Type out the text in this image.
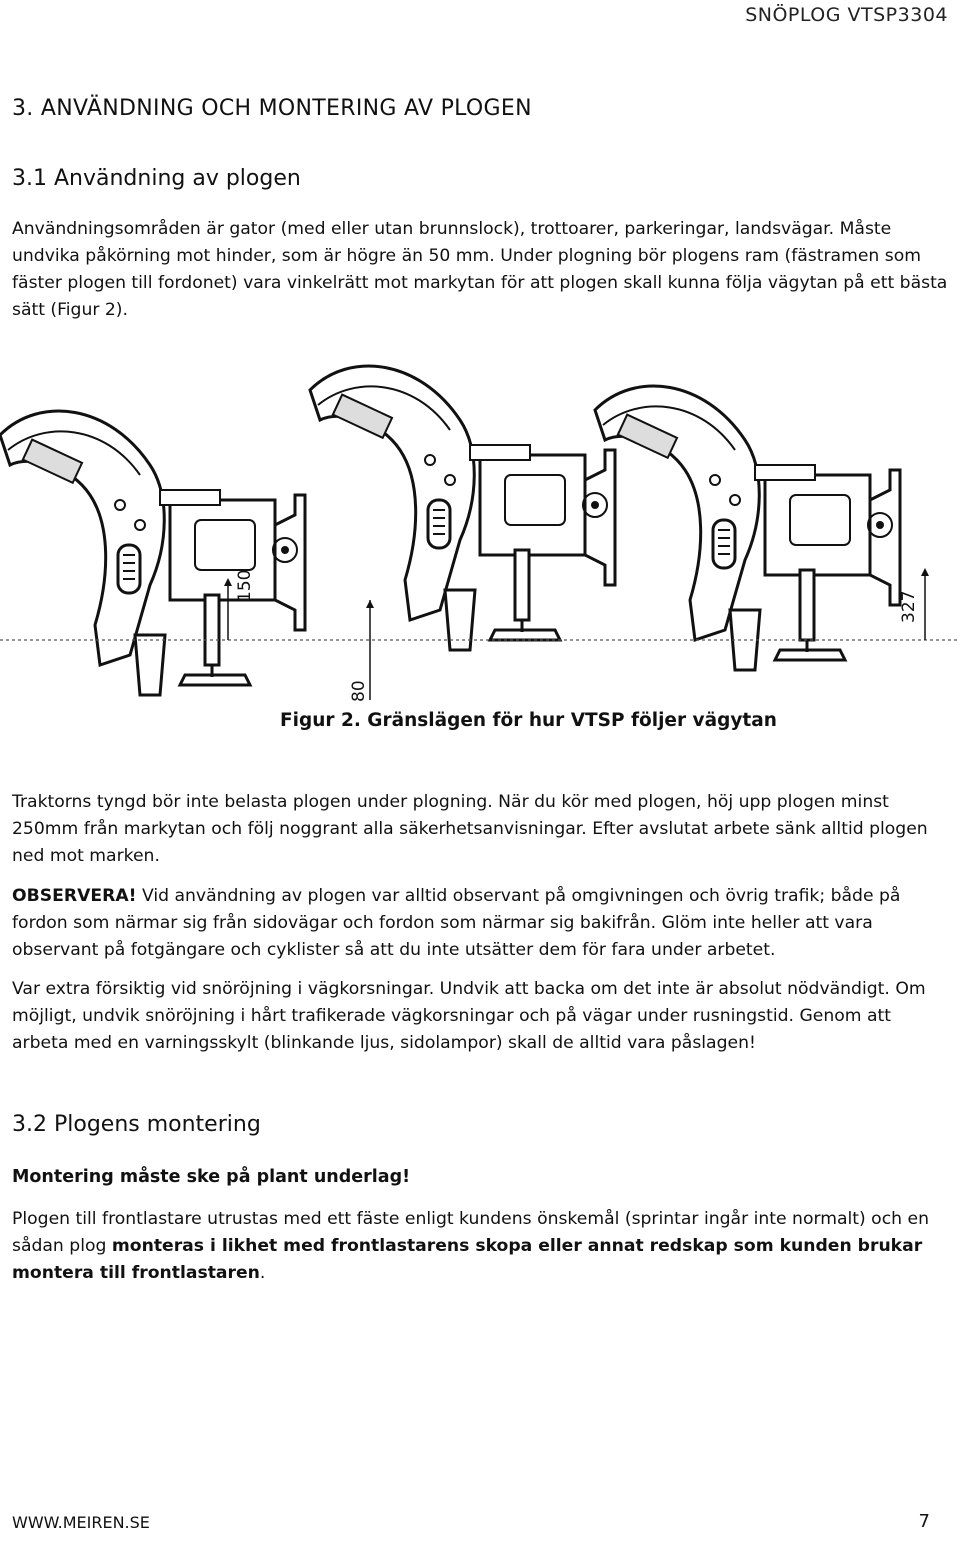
SNÖPLOG VTSP3304
3. ANVÄNDNING OCH MONTERING AV PLOGEN
3.1 Användning av plogen

Användningsområden är gator (med eller utan brunnslock), trottoarer, parkeringar, landsvägar. Måste undvika påkörning mot hinder, som är högre än 50 mm. Under plogning bör plogens ram (fästramen som fäster plogen till fordonet) vara vinkelrätt mot markytan för att plogen skall kunna följa vägytan på ett bästa sätt (Figur 2).

150
80
327
Figur 2. Gränslägen för hur VTSP följer vägytan

Traktorns tyngd bör inte belasta plogen under plogning. När du kör med plogen, höj upp plogen minst 250mm från markytan och följ noggrant alla säkerhetsanvisningar. Efter avslutat arbete sänk alltid plogen ned mot marken.

OBSERVERA! Vid användning av plogen var alltid observant på omgivningen och övrig trafik; både på fordon som närmar sig från sidovägar och fordon som närmar sig bakifrån. Glöm inte heller att vara observant på fotgängare och cyklister så att du inte utsätter dem för fara under arbetet.

Var extra försiktig vid snöröjning i vägkorsningar. Undvik att backa om det inte är absolut nödvändigt. Om möjligt, undvik snöröjning i hårt trafikerade vägkorsningar och på vägar under rusningstid. Genom att arbeta med en varningsskylt (blinkande ljus, sidolampor) skall de alltid vara påslagen!

3.2 Plogens montering
Montering måste ske på plant underlag!

Plogen till frontlastare utrustas med ett fäste enligt kundens önskemål (sprintar ingår inte normalt) och en sådan plog monteras i likhet med frontlastarens skopa eller annat redskap som kunden brukar montera till frontlastaren.

WWW.MEIREN.SE	7
